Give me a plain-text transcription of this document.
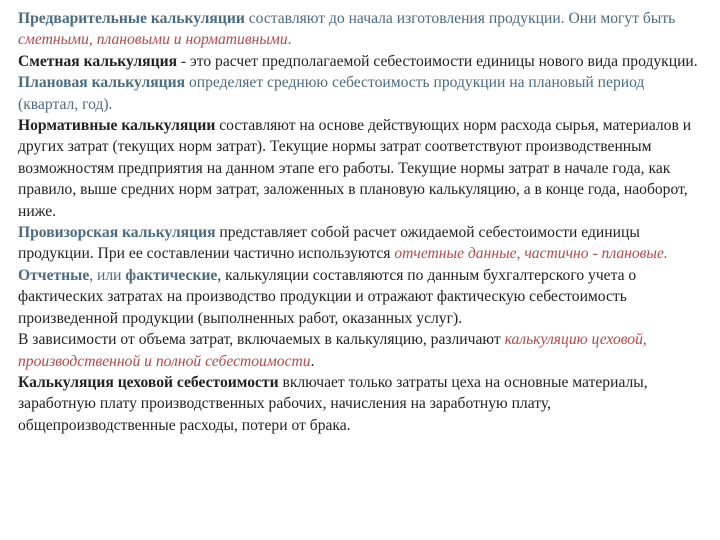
Предварительные калькуляции составляют до начала изготовления продукции. Они могут быть сметными, плановыми и нормативными.

Сметная калькуляция - это расчет предполагаемой себестоимости единицы нового вида продукции.

Плановая калькуляция определяет среднюю себестоимость продукции на плановый период (квартал, год).

Нормативные калькуляции составляют на основе действующих норм расхода сырья, материалов и других затрат (текущих норм затрат). Текущие нормы затрат соответствуют производственным возможностям предприятия на данном этапе его работы. Текущие нормы затрат в начале года, как правило, выше средних норм затрат, заложенных в плановую калькуляцию, а в конце года, наоборот, ниже.

Провизорская калькуляция представляет собой расчет ожидаемой себестоимости единицы продукции. При ее составлении частично используются отчетные данные, частично - плановые.

Отчетные, или фактические, калькуляции составляются по данным бухгалтерского учета о фактических затратах на производство продукции и отражают фактическую себестоимость произведенной продукции (выполненных работ, оказанных услуг).

В зависимости от объема затрат, включаемых в калькуляцию, различают калькуляцию цеховой, производственной и полной себестоимости.

Калькуляция цеховой себестоимости включает только затраты цеха на основные материалы, заработную плату производственных рабочих, начисления на заработную плату, общепроизводственные расходы, потери от брака.
